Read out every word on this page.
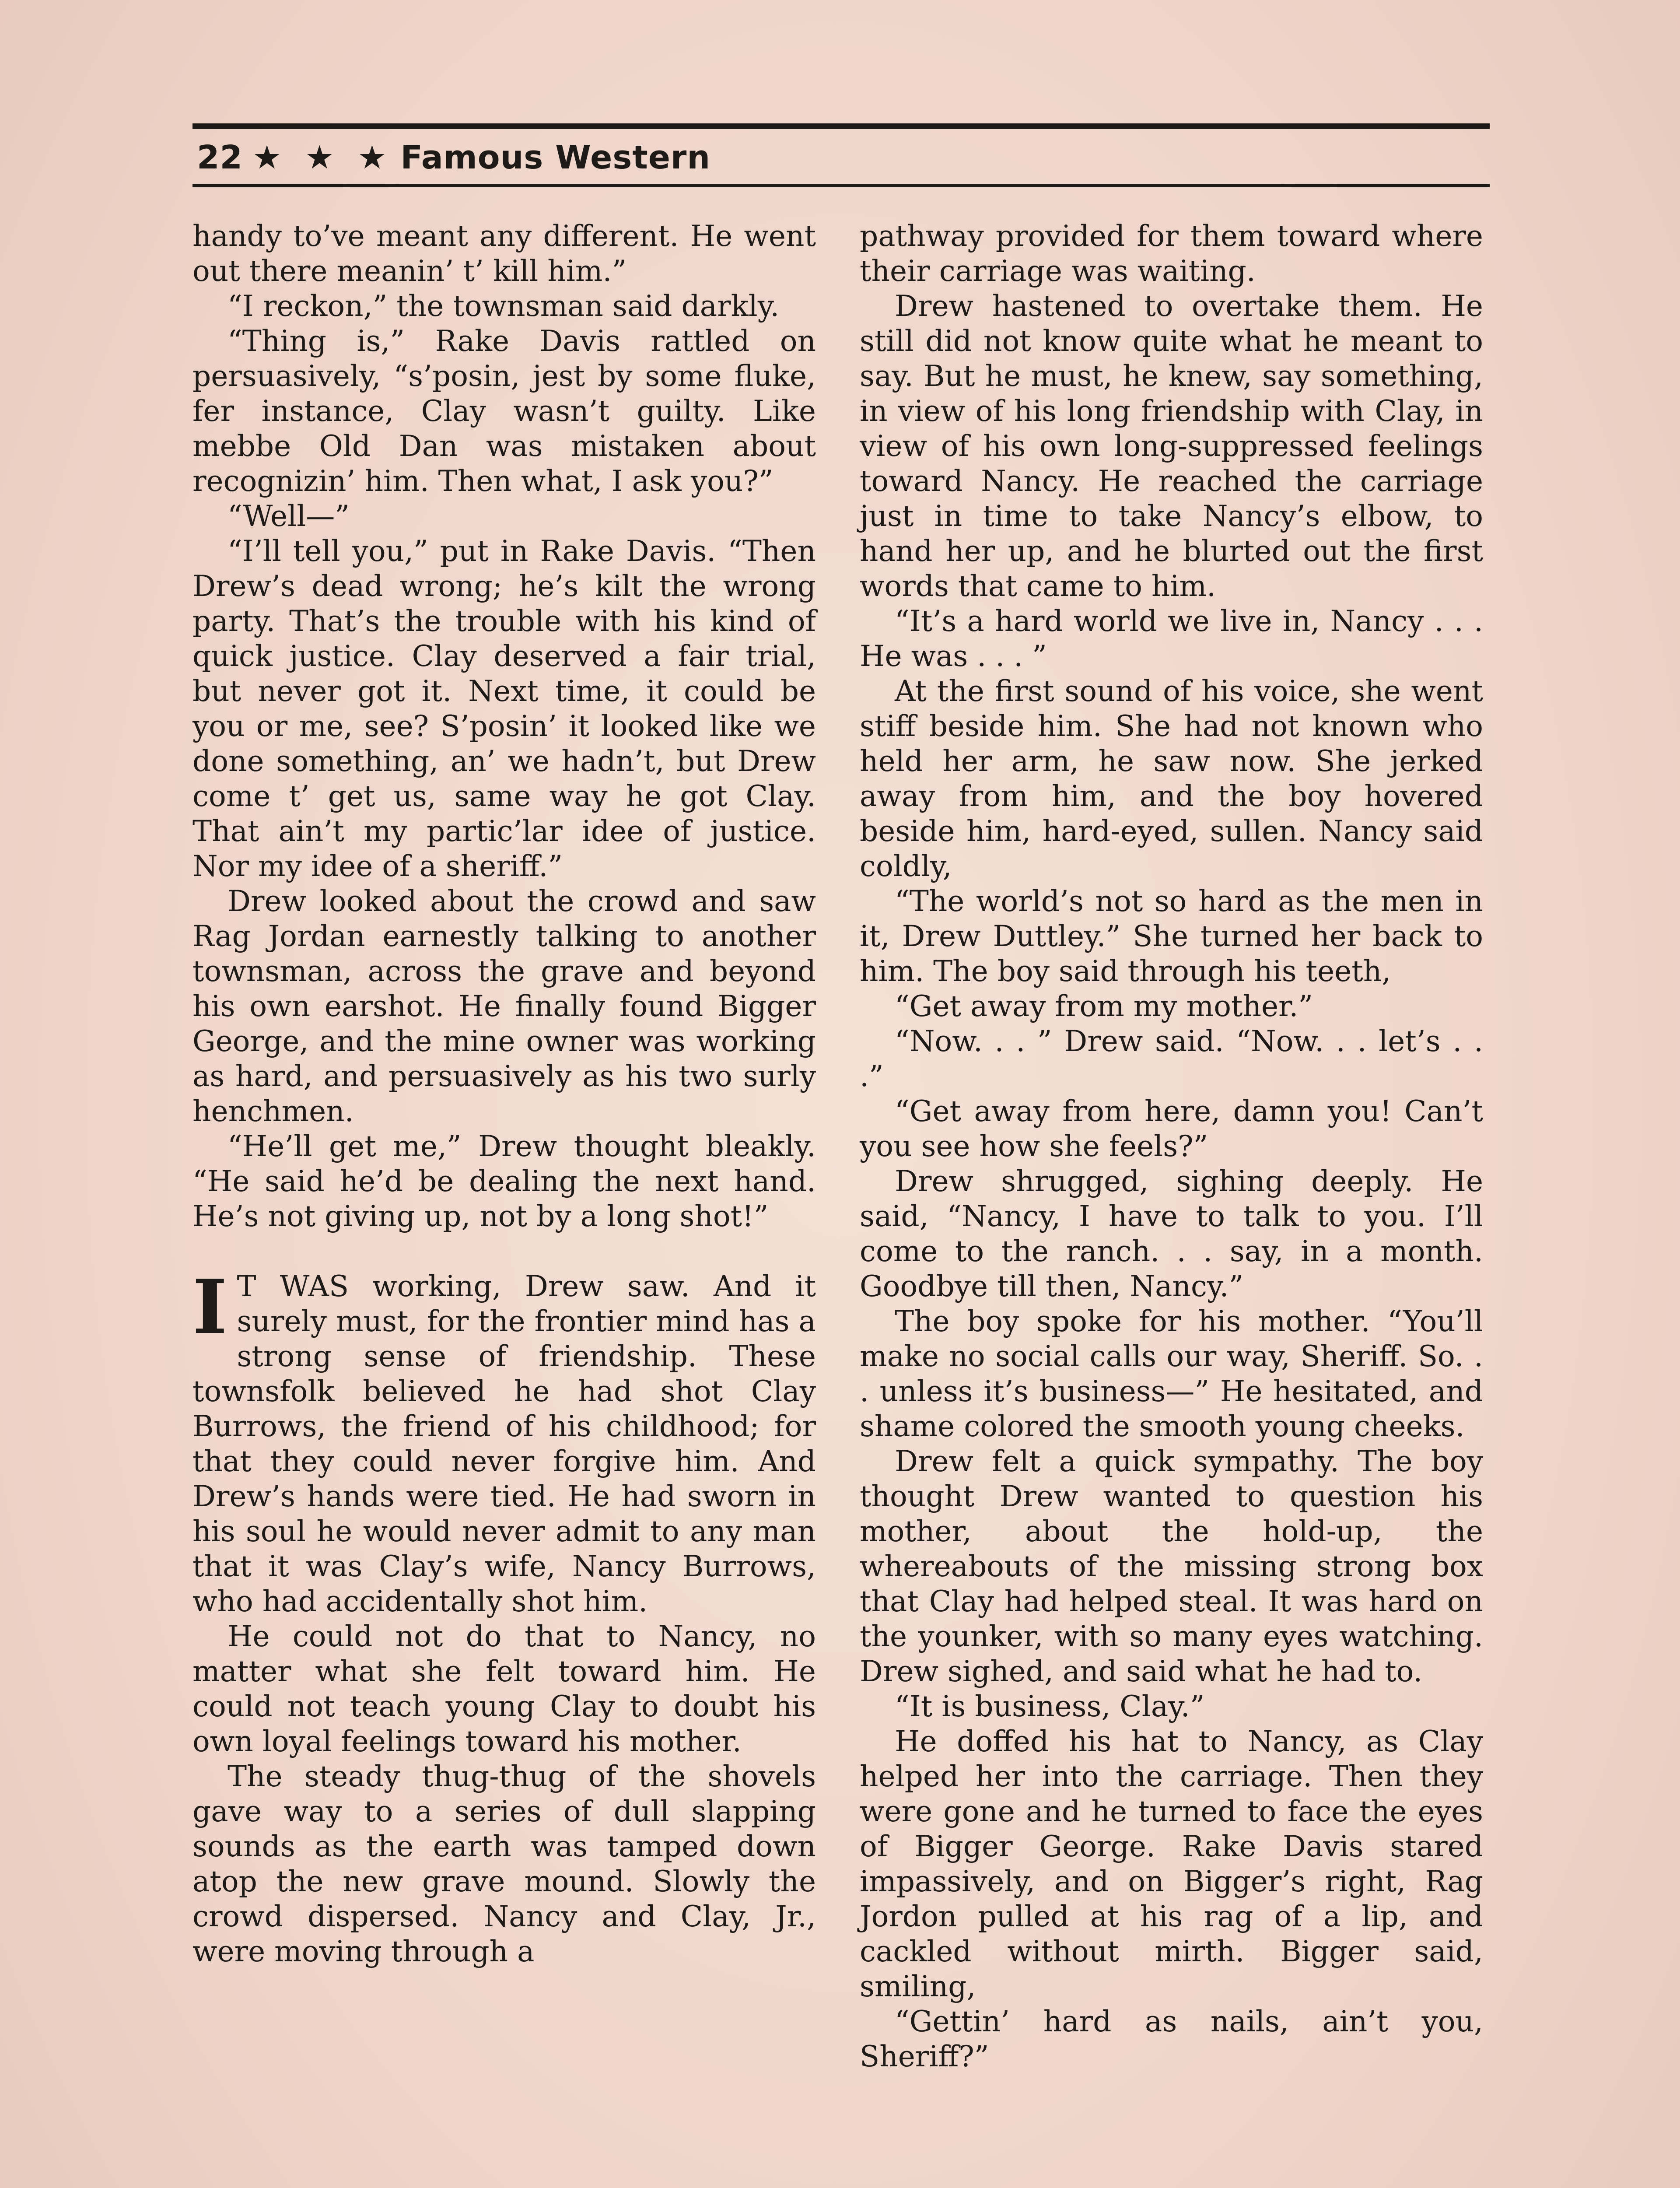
22 ★ ★ ★ Famous Western

handy to’ve meant any different. He went out there meanin’ t’ kill him.”

“I reckon,” the townsman said darkly.

“Thing is,” Rake Davis rattled on persuasively, “s’posin, jest by some fluke, fer instance, Clay wasn’t guilty. Like mebbe Old Dan was mistaken about recognizin’ him. Then what, I ask you?”

“Well—”

“I’ll tell you,” put in Rake Davis. “Then Drew’s dead wrong; he’s kilt the wrong party. That’s the trouble with his kind of quick justice. Clay deserved a fair trial, but never got it. Next time, it could be you or me, see? S’posin’ it looked like we done something, an’ we hadn’t, but Drew come t’ get us, same way he got Clay. That ain’t my partic’lar idee of justice. Nor my idee of a sheriff.”

Drew looked about the crowd and saw Rag Jordan earnestly talking to another townsman, across the grave and beyond his own earshot. He finally found Bigger George, and the mine owner was working as hard, and persuasively as his two surly henchmen.

“He’ll get me,” Drew thought bleakly. “He said he’d be dealing the next hand. He’s not giving up, not by a long shot!”

I T WAS working, Drew saw. And it surely must, for the frontier mind has a strong sense of friendship. These townsfolk believed he had shot Clay Burrows, the friend of his childhood; for that they could never forgive him. And Drew’s hands were tied. He had sworn in his soul he would never admit to any man that it was Clay’s wife, Nancy Burrows, who had accidentally shot him.

He could not do that to Nancy, no matter what she felt toward him. He could not teach young Clay to doubt his own loyal feelings toward his mother.

The steady thug-thug of the shovels gave way to a series of dull slapping sounds as the earth was tamped down atop the new grave mound. Slowly the crowd dispersed. Nancy and Clay, Jr., were moving through a

pathway provided for them toward where their carriage was waiting.

Drew hastened to overtake them. He still did not know quite what he meant to say. But he must, he knew, say something, in view of his long friendship with Clay, in view of his own long-suppressed feelings toward Nancy. He reached the carriage just in time to take Nancy’s elbow, to hand her up, and he blurted out the first words that came to him.

“It’s a hard world we live in, Nancy . . . He was . . . ”

At the first sound of his voice, she went stiff beside him. She had not known who held her arm, he saw now. She jerked away from him, and the boy hovered beside him, hard-eyed, sullen. Nancy said coldly,

“The world’s not so hard as the men in it, Drew Duttley.” She turned her back to him. The boy said through his teeth,

“Get away from my mother.”

“Now. . . ” Drew said. “Now. . . let’s . . .”

“Get away from here, damn you! Can’t you see how she feels?”

Drew shrugged, sighing deeply. He said, “Nancy, I have to talk to you. I’ll come to the ranch. . . say, in a month. Goodbye till then, Nancy.”

The boy spoke for his mother. “You’ll make no social calls our way, Sheriff. So. . . unless it’s business—” He hesitated, and shame colored the smooth young cheeks.

Drew felt a quick sympathy. The boy thought Drew wanted to question his mother, about the hold-up, the whereabouts of the missing strong box that Clay had helped steal. It was hard on the younker, with so many eyes watching. Drew sighed, and said what he had to.

“It is business, Clay.”

He doffed his hat to Nancy, as Clay helped her into the carriage. Then they were gone and he turned to face the eyes of Bigger George. Rake Davis stared impassively, and on Bigger’s right, Rag Jordon pulled at his rag of a lip, and cackled without mirth. Bigger said, smiling,

“Gettin’ hard as nails, ain’t you, Sheriff?”
